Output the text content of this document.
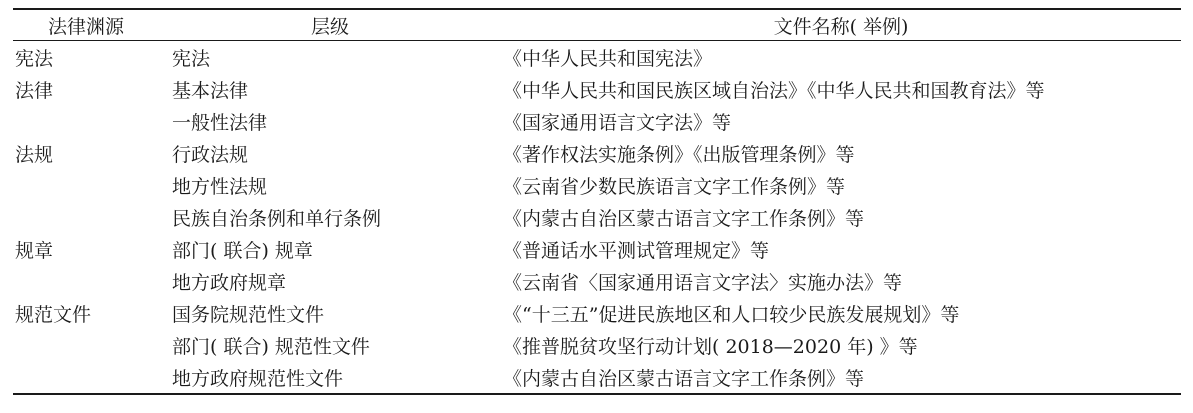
法律渊源	层级	文件名称( 举例)
宪法	宪法	《中华人民共和国宪法》
法律	基本法律	《中华人民共和国民族区域自治法》《中华人民共和国教育法》等
	一般性法律	《国家通用语言文字法》等
法规	行政法规	《著作权法实施条例》《出版管理条例》等
	地方性法规	《云南省少数民族语言文字工作条例》等
	民族自治条例和单行条例	《内蒙古自治区蒙古语言文字工作条例》等
规章	部门( 联合) 规章	《普通话水平测试管理规定》等
	地方政府规章	《云南省〈国家通用语言文字法〉实施办法》等
规范文件	国务院规范性文件	《“十三五”促进民族地区和人口较少民族发展规划》等
	部门( 联合) 规范性文件	《推普脱贫攻坚行动计划( 2018—2020 年) 》等
	地方政府规范性文件	《内蒙古自治区蒙古语言文字工作条例》等
